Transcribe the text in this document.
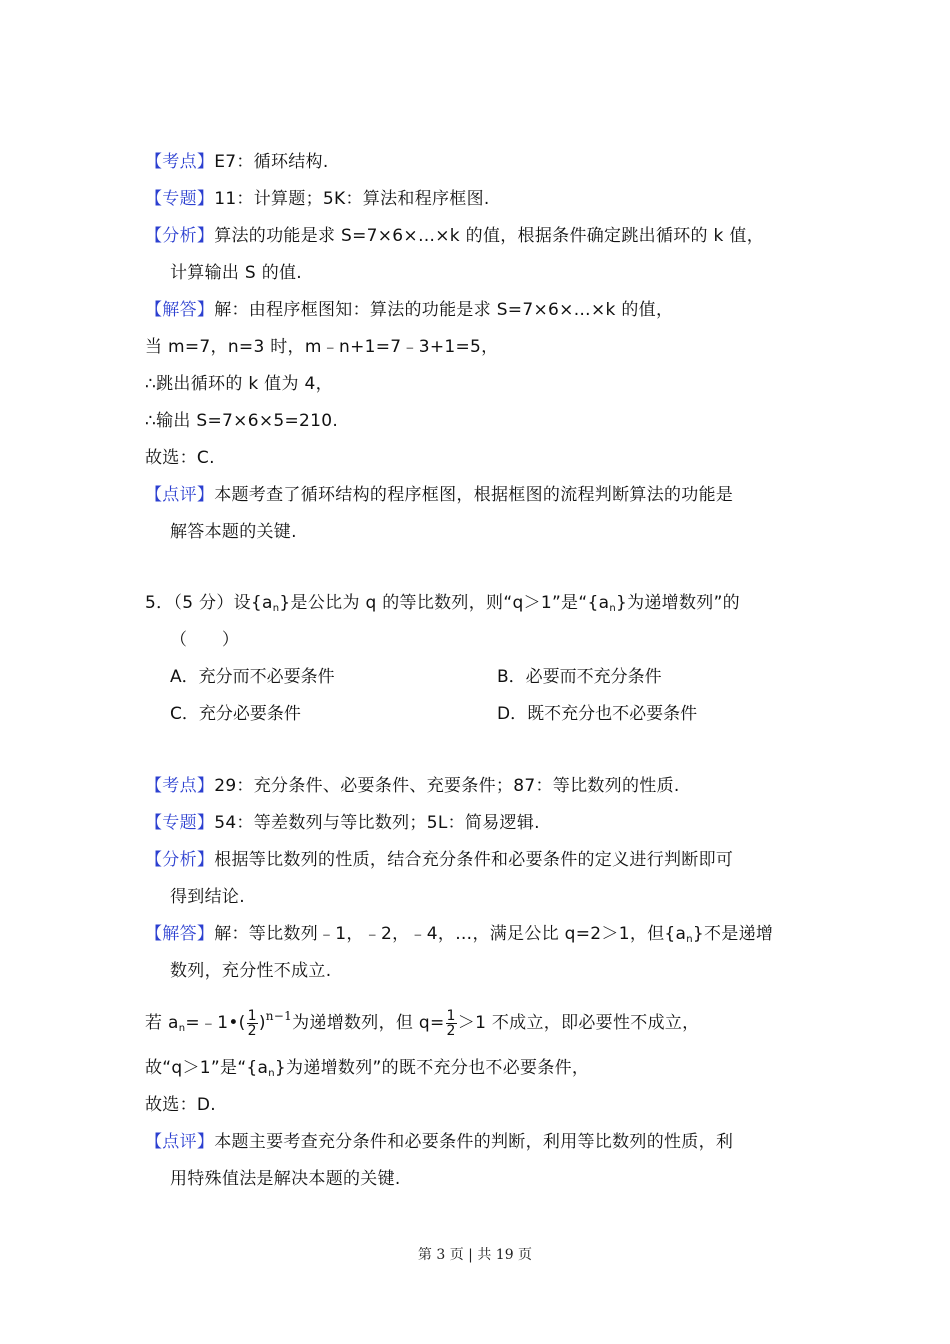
【考点】E7：循环结构.
【专题】11：计算题；5K：算法和程序框图.
【分析】算法的功能是求 S=7×6×…×k 的值，根据条件确定跳出循环的 k 值，
计算输出 S 的值.
【解答】解：由程序框图知：算法的功能是求 S=7×6×…×k 的值，
当 m=7，n=3 时，m﹣n+1=7﹣3+1=5，
∴跳出循环的 k 值为 4，
∴输出 S=7×6×5=210.
故选：C.
【点评】本题考查了循环结构的程序框图，根据框图的流程判断算法的功能是
解答本题的关键.
5．（5 分）设$\{a_n\}$是公比为 q 的等比数列，则“q＞1”是“$\{a_n\}$为递增数列”的
（　　）
A．充分而不必要条件	B．必要而不充分条件
C．充分必要条件	D．既不充分也不必要条件
【考点】29：充分条件、必要条件、充要条件；87：等比数列的性质.
【专题】54：等差数列与等比数列；5L：简易逻辑.
【分析】根据等比数列的性质，结合充分条件和必要条件的定义进行判断即可
得到结论.
【解答】解：等比数列﹣1，﹣2，﹣4，…，满足公比 q=2＞1，但$\{a_n\}$不是递增
数列，充分性不成立.
若 $a_n=﹣1•( \frac{1}{2} )^{n-1}$为递增数列，但 $q= \frac{1}{2} >1$ 不成立，即必要性不成立，
故“q＞1”是“$\{a_n\}$为递增数列”的既不充分也不必要条件，
故选：D.
【点评】本题主要考查充分条件和必要条件的判断，利用等比数列的性质，利
用特殊值法是解决本题的关键.
第 3 页 | 共 19 页
